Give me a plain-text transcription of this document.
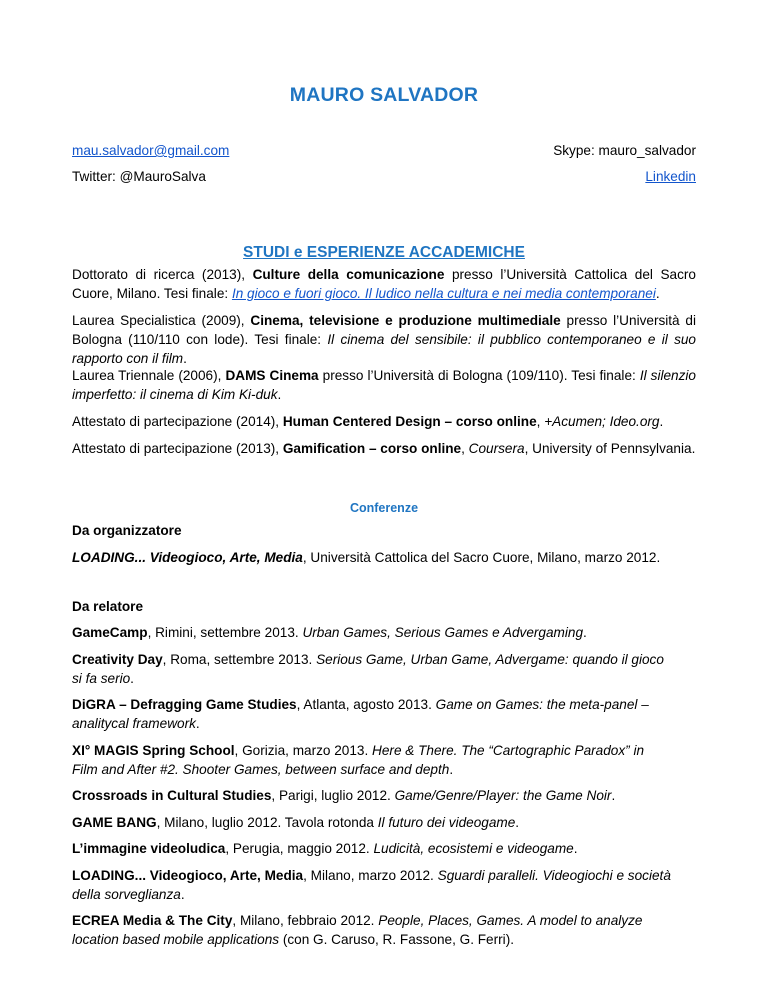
MAURO SALVADOR
mau.salvador@gmail.com	Skype: mauro_salvador
Twitter: @MauroSalva	Linkedin
STUDI e ESPERIENZE ACCADEMICHE
Dottorato di ricerca (2013), Culture della comunicazione presso l’Università Cattolica del Sacro Cuore, Milano. Tesi finale: In gioco e fuori gioco. Il ludico nella cultura e nei media contemporanei.
Laurea Specialistica (2009), Cinema, televisione e produzione multimediale presso l’Università di Bologna (110/110 con lode). Tesi finale: Il cinema del sensibile: il pubblico contemporaneo e il suo rapporto con il film.
Laurea Triennale (2006), DAMS Cinema presso l’Università di Bologna (109/110). Tesi finale: Il silenzio imperfetto: il cinema di Kim Ki-duk.
Attestato di partecipazione (2014), Human Centered Design – corso online, +Acumen; Ideo.org.
Attestato di partecipazione (2013), Gamification – corso online, Coursera, University of Pennsylvania.
Conferenze
Da organizzatore
LOADING... Videogioco, Arte, Media, Università Cattolica del Sacro Cuore, Milano, marzo 2012.
Da relatore
GameCamp, Rimini, settembre 2013. Urban Games, Serious Games e Advergaming.
Creativity Day, Roma, settembre 2013. Serious Game, Urban Game, Advergame: quando il gioco si fa serio.
DiGRA – Defragging Game Studies, Atlanta, agosto 2013. Game on Games: the meta-panel – analitycal framework.
XI° MAGIS Spring School, Gorizia, marzo 2013. Here & There. The “Cartographic Paradox” in Film and After #2. Shooter Games, between surface and depth.
Crossroads in Cultural Studies, Parigi, luglio 2012. Game/Genre/Player: the Game Noir.
GAME BANG, Milano, luglio 2012. Tavola rotonda Il futuro dei videogame.
L’immagine videoludica, Perugia, maggio 2012. Ludicità, ecosistemi e videogame.
LOADING... Videogioco, Arte, Media, Milano, marzo 2012. Sguardi paralleli. Videogiochi e società della sorveglianza.
ECREA Media & The City, Milano, febbraio 2012. People, Places, Games. A model to analyze location based mobile applications (con G. Caruso, R. Fassone, G. Ferri).
